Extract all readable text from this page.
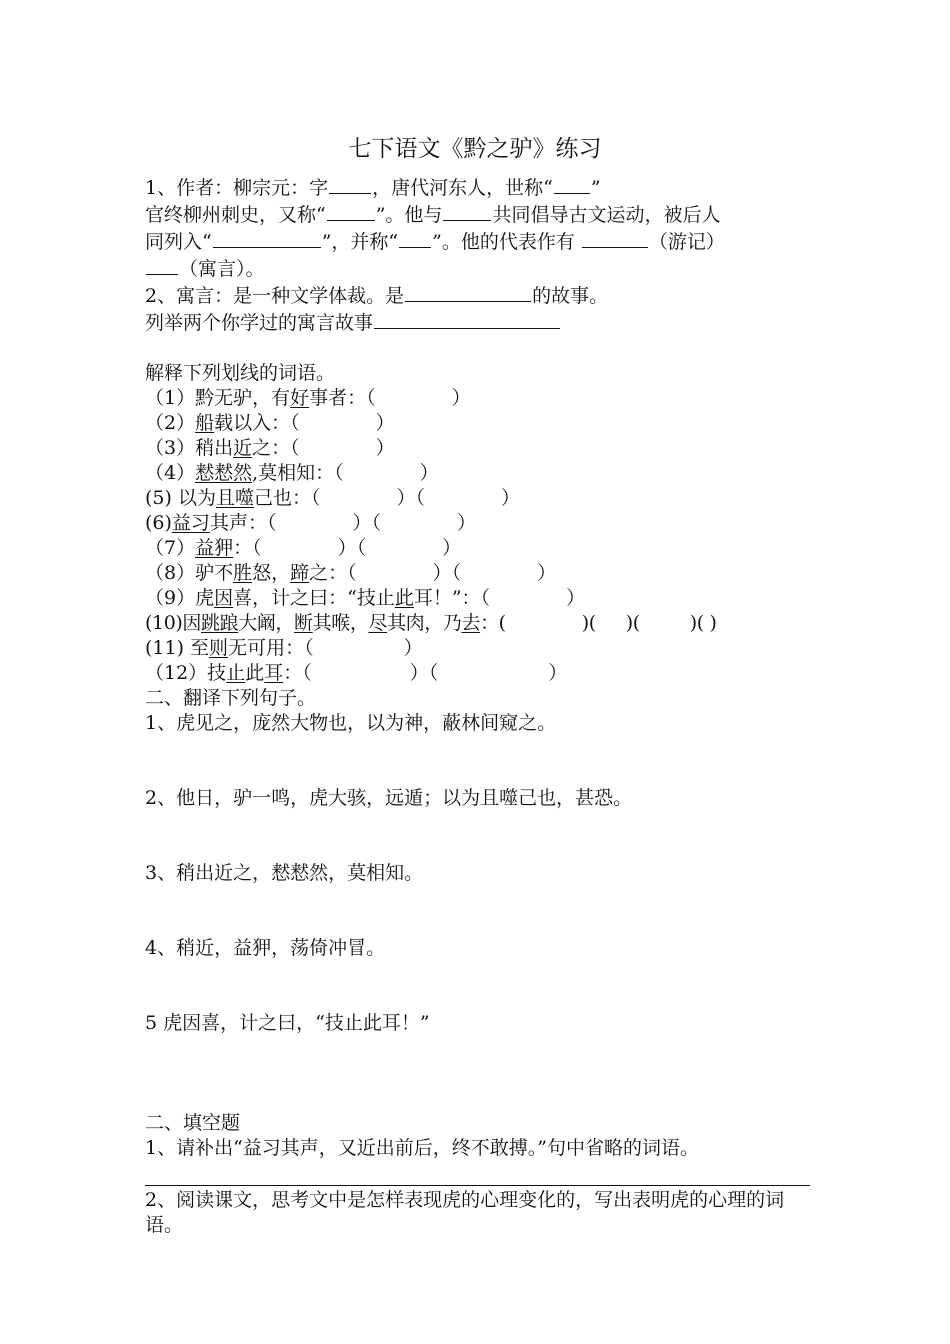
七下语文《黔之驴》练习
1、作者：柳宗元：字 ，唐代河东人，世称“ ”
官终柳州刺史，又称“	”。他与	共同倡导古文运动，被后人
同列入“	”，并称“ ”。他的代表作有	（游记）
（寓言）。
2、寓言：是一种文学体裁。是	的故事。
列举两个你学过的寓言故事
解释下列划线的词语。
（1）黔无驴，有好事者：（	）
（2）船载以入：（	）
（3）稍出近之：（	）
（4）慭慭然,莫相知：（	）
(5) 以为且噬己也：（	）（	）
(6)益习其声：（	）（	）
（7）益狎：（	）（	）
（8）驴不胜怒，蹄之：（	）（	）
（9）虎因喜，计之曰：“技止此耳！”：（	）
(10)因跳踉大阚，断其喉，尽其肉，乃去：(	)( )(	)( )
(11) 至则无可用：（	）
（12）技止此耳：（	）（	）
二、翻译下列句子。
1、虎见之，庞然大物也，以为神，蔽林间窥之。
2、他日，驴一鸣，虎大骇，远遁；以为且噬己也，甚恐。
3、稍出近之，慭慭然，莫相知。
4、稍近，益狎，荡倚冲冒。
5 虎因喜，计之曰，“技止此耳！”
二、填空题
1、请补出“益习其声，又近出前后，终不敢搏。”句中省略的词语。
2、阅读课文，思考文中是怎样表现虎的心理变化的，写出表明虎的心理的词语。
